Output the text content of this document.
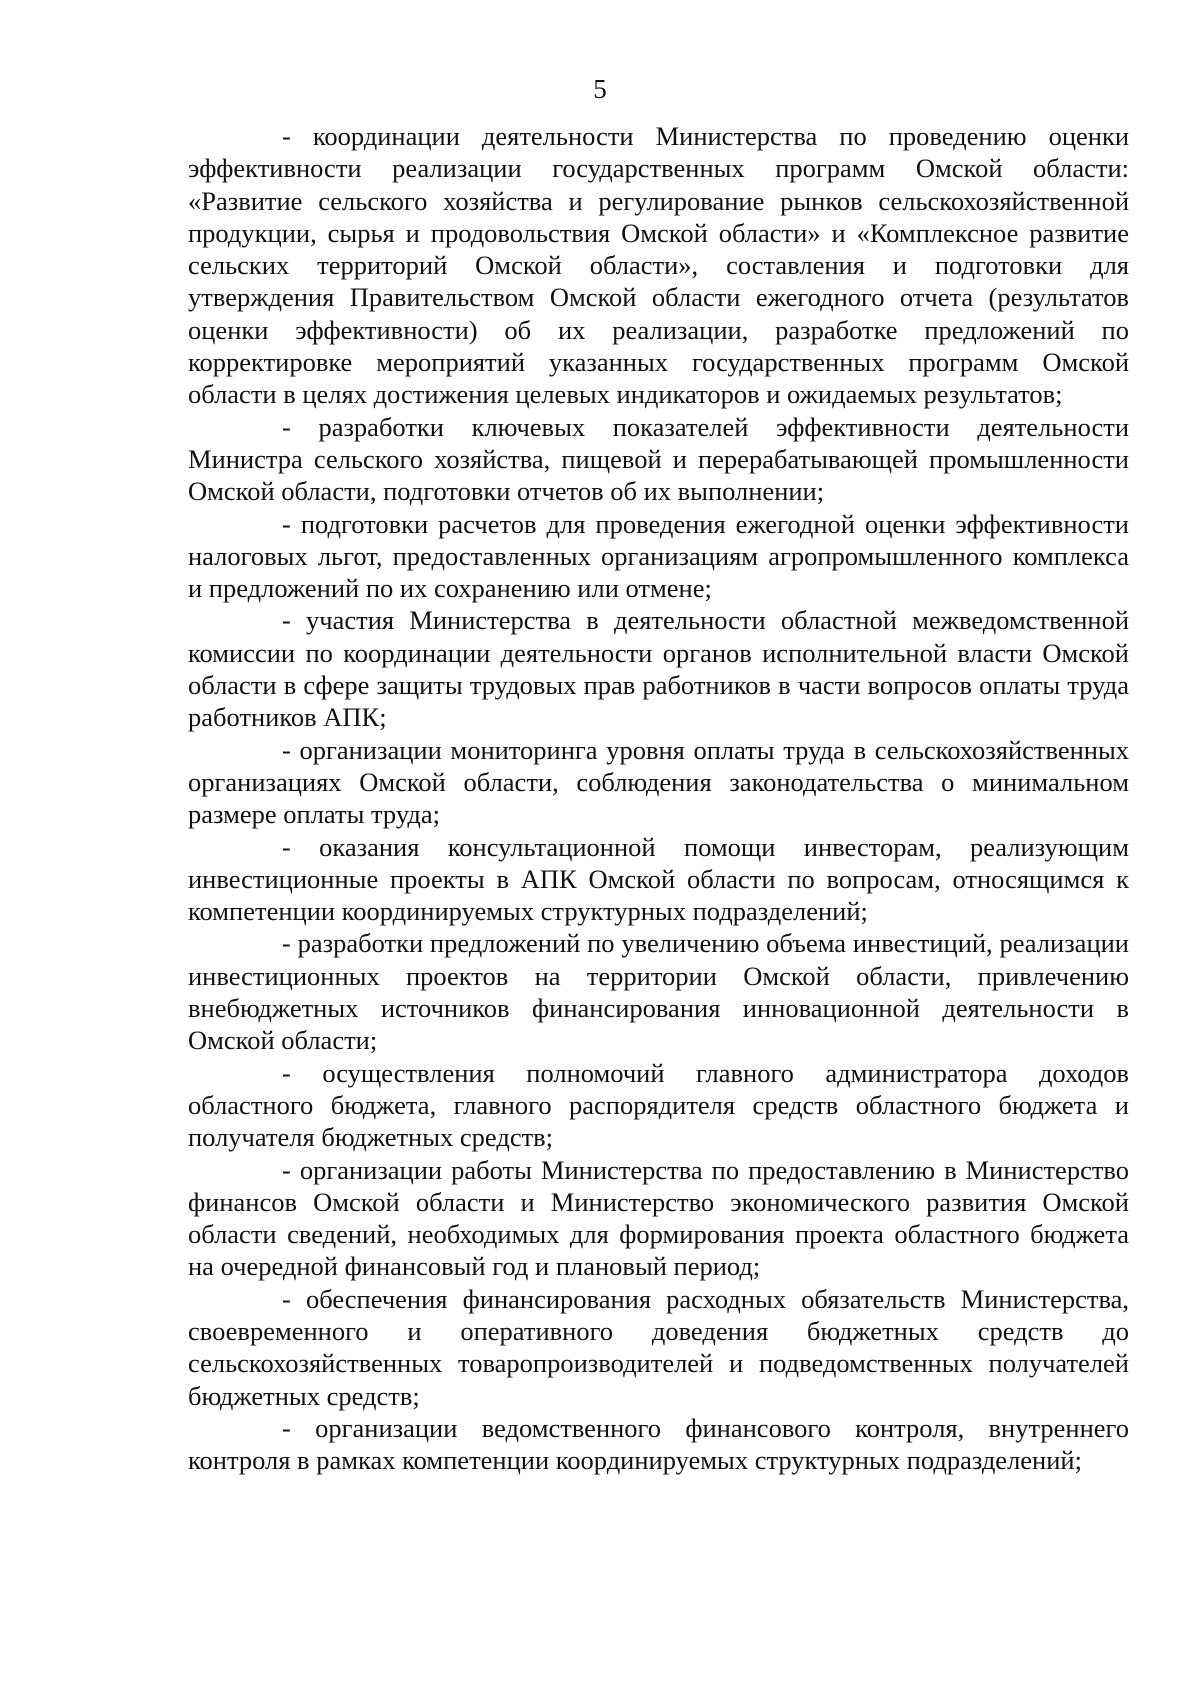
5

- координации деятельности Министерства по проведению оценки эффективности реализации государственных программ Омской области: «Развитие сельского хозяйства и регулирование рынков сельскохозяйственной продукции, сырья и продовольствия Омской области» и «Комплексное развитие сельских территорий Омской области», составления и подготовки для утверждения Правительством Омской области ежегодного отчета (результатов оценки эффективности) об их реализации, разработке предложений по корректировке мероприятий указанных государственных программ Омской области в целях достижения целевых индикаторов и ожидаемых результатов;

- разработки ключевых показателей эффективности деятельности Министра сельского хозяйства, пищевой и перерабатывающей промышленности Омской области, подготовки отчетов об их выполнении;

- подготовки расчетов для проведения ежегодной оценки эффективности налоговых льгот, предоставленных организациям агропромышленного комплекса и предложений по их сохранению или отмене;

- участия Министерства в деятельности областной межведомственной комиссии по координации деятельности органов исполнительной власти Омской области в сфере защиты трудовых прав работников в части вопросов оплаты труда работников АПК;

- организации мониторинга уровня оплаты труда в сельскохозяйственных организациях Омской области, соблюдения законодательства о минимальном размере оплаты труда;

- оказания консультационной помощи инвесторам, реализующим инвестиционные проекты в АПК Омской области по вопросам, относящимся к компетенции координируемых структурных подразделений;

- разработки предложений по увеличению объема инвестиций, реализации инвестиционных проектов на территории Омской области, привлечению внебюджетных источников финансирования инновационной деятельности в Омской области;

- осуществления полномочий главного администратора доходов областного бюджета, главного распорядителя средств областного бюджета и получателя бюджетных средств;

- организации работы Министерства по предоставлению в Министерство финансов Омской области и Министерство экономического развития Омской области сведений, необходимых для формирования проекта областного бюджета на очередной финансовый год и плановый период;

- обеспечения финансирования расходных обязательств Министерства, своевременного и оперативного доведения бюджетных средств до сельскохозяйственных товаропроизводителей и подведомственных получателей бюджетных средств;

- организации ведомственного финансового контроля, внутреннего контроля в рамках компетенции координируемых структурных подразделений;
